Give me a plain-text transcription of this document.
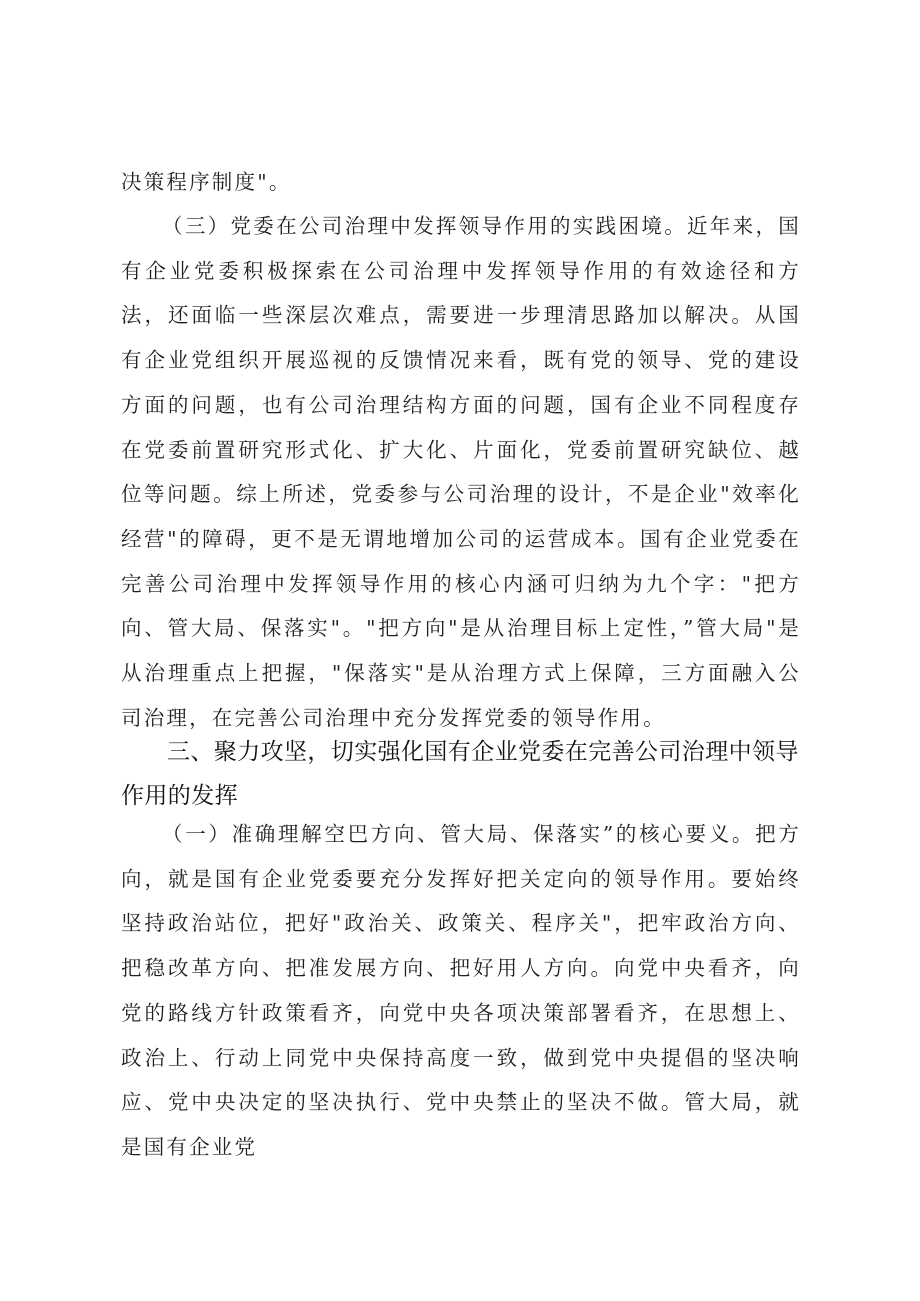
决策程序制度"。

（三）党委在公司治理中发挥领导作用的实践困境。近年来，国有企业党委积极探索在公司治理中发挥领导作用的有效途径和方法，还面临一些深层次难点，需要进一步理清思路加以解决。从国有企业党组织开展巡视的反馈情况来看，既有党的领导、党的建设方面的问题，也有公司治理结构方面的问题，国有企业不同程度存在党委前置研究形式化、扩大化、片面化，党委前置研究缺位、越位等问题。综上所述，党委参与公司治理的设计，不是企业"效率化经营"的障碍，更不是无谓地增加公司的运营成本。国有企业党委在完善公司治理中发挥领导作用的核心内涵可归纳为九个字："把方向、管大局、保落实"。"把方向"是从治理目标上定性，”管大局"是从治理重点上把握，"保落实"是从治理方式上保障，三方面融入公司治理，在完善公司治理中充分发挥党委的领导作用。

三、聚力攻坚，切实强化国有企业党委在完善公司治理中领导作用的发挥

（一）准确理解空巴方向、管大局、保落实”的核心要义。把方向，就是国有企业党委要充分发挥好把关定向的领导作用。要始终坚持政治站位，把好"政治关、政策关、程序关"，把牢政治方向、把稳改革方向、把准发展方向、把好用人方向。向党中央看齐，向党的路线方针政策看齐，向党中央各项决策部署看齐，在思想上、政治上、行动上同党中央保持高度一致，做到党中央提倡的坚决响应、党中央决定的坚决执行、党中央禁止的坚决不做。管大局，就是国有企业党
